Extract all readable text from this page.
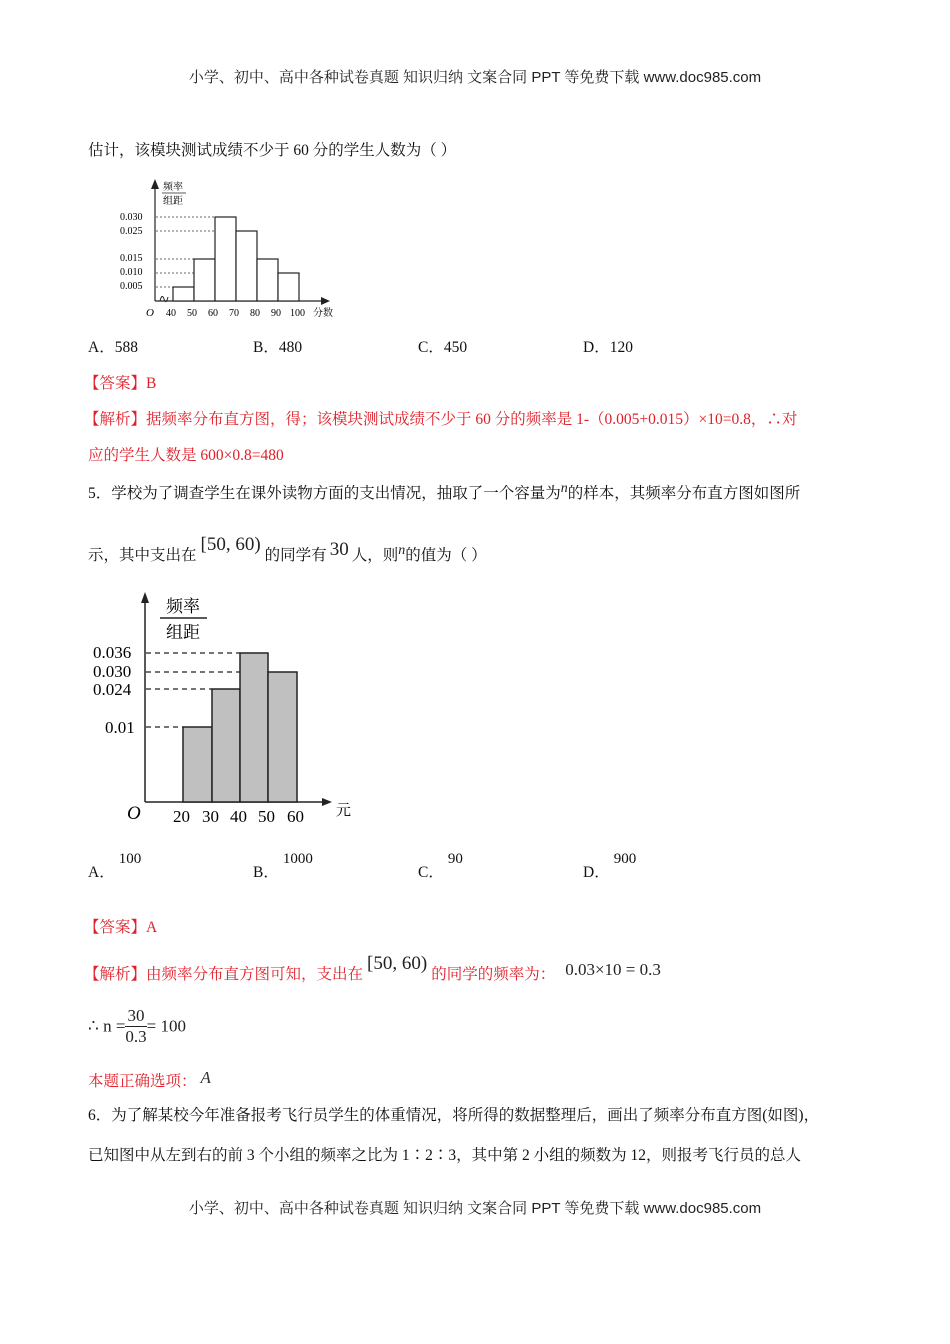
小学、初中、高中各种试卷真题 知识归纳 文案合同 PPT 等免费下载 www.doc985.com
估计，该模块测试成绩不少于 60 分的学生人数为（ ）
频率
组距
0.030
0.025
0.015
0.010
0.005
O 40 50 60 70 80 90 100 分数
A．588	B．480	C．450	D．120
【答案】B
【解析】据频率分布直方图，得；该模块测试成绩不少于 60 分的频率是 1-（0.005+0.015）×10=0.8，∴对
应的学生人数是 600×0.8=480
5．学校为了调查学生在课外读物方面的支出情况，抽取了一个容量为n的样本，其频率分布直方图如图所
示，其中支出在[50, 60)的同学有 30 人，则n的值为（ ）
频率
组距
0.036
0.030
0.024
0.01
O 20 30 40 50 60 元
A．100
B．1000
C．90
D．900
【答案】A
【解析】由频率分布直方图可知，支出在[50, 60)的同学的频率为： 0.03×10 = 0.3
∴ $n = \frac{30}{0.3} = 100$
本题正确选项： A
6．为了解某校今年准备报考飞行员学生的体重情况，将所得的数据整理后，画出了频率分布直方图(如图)，
已知图中从左到右的前 3 个小组的频率之比为 1∶2∶3，其中第 2 小组的频数为 12，则报考飞行员的总人
小学、初中、高中各种试卷真题 知识归纳 文案合同 PPT 等免费下载 www.doc985.com
